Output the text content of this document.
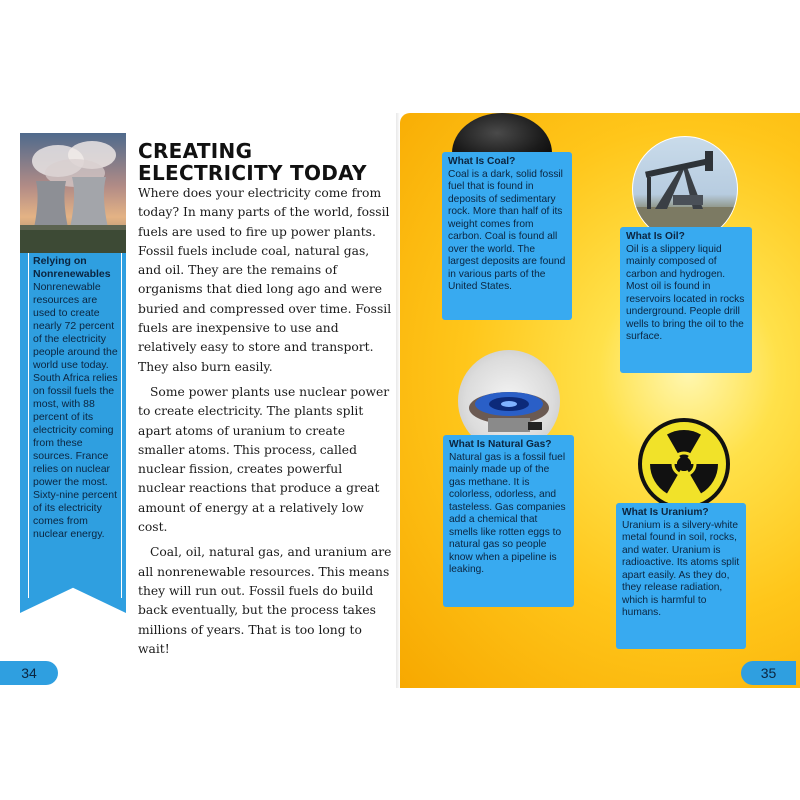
Relying on Nonrenewables
Nonrenewable resources are used to create nearly 72 percent of the electricity people around the world use today. South Africa relies on fossil fuels the most, with 88 percent of its electricity coming from these sources. France relies on nuclear power the most. Sixty-nine percent of its electricity comes from nuclear energy.
CREATING
ELECTRICITY TODAY

Where does your electricity come from today? In many parts of the world, fossil fuels are used to fire up power plants. Fossil fuels include coal, natural gas, and oil. They are the remains of organisms that died long ago and were buried and compressed over time. Fossil fuels are inexpensive to use and relatively easy to store and transport. They also burn easily.

Some power plants use nuclear power to create electricity. The plants split apart atoms of uranium to create smaller atoms. This process, called nuclear fission, creates powerful nuclear reactions that produce a great amount of energy at a relatively low cost.

Coal, oil, natural gas, and uranium are all nonrenewable resources. This means they will run out. Fossil fuels do build back eventually, but the process takes millions of years. That is too long to wait!

34
What Is Coal?
Coal is a dark, solid fossil fuel that is found in deposits of sedimentary rock. More than half of its weight comes from carbon. Coal is found all over the world. The largest deposits are found in various parts of the United States.
What Is Oil?
Oil is a slippery liquid mainly composed of carbon and hydrogen. Most oil is found in reservoirs located in rocks underground. People drill wells to bring the oil to the surface.
What Is Natural Gas?
Natural gas is a fossil fuel mainly made up of the gas methane. It is colorless, odorless, and tasteless. Gas companies add a chemical that smells like rotten eggs to natural gas so people know when a pipeline is leaking.
What Is Uranium?
Uranium is a silvery-white metal found in soil, rocks, and water. Uranium is radioactive. Its atoms split apart easily. As they do, they release radiation, which is harmful to humans.
35
